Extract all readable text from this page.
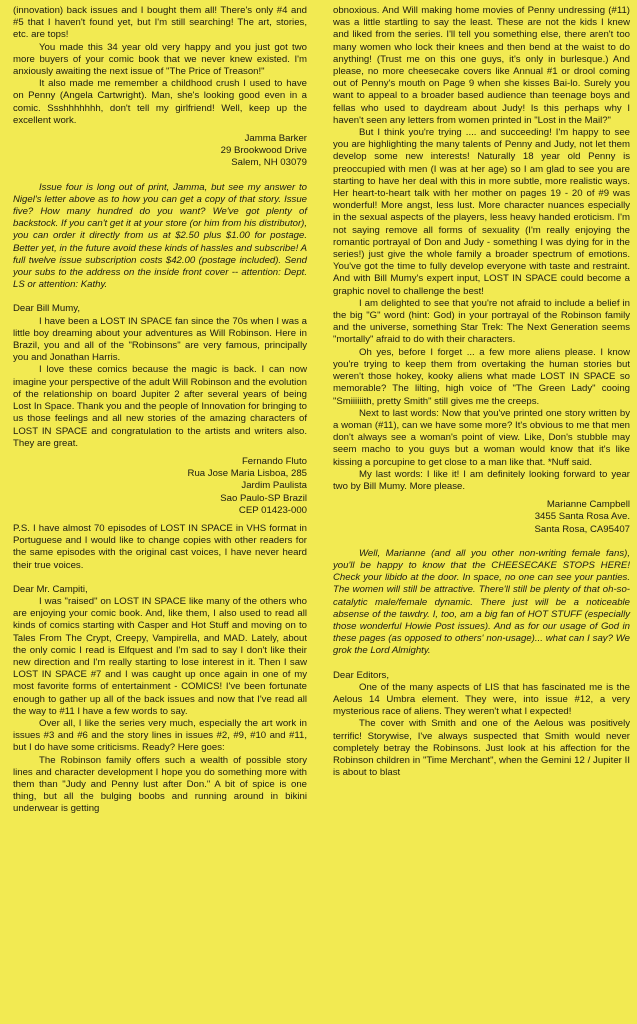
(innovation) back issues and I bought them all! There's only #4 and #5 that I haven't found yet, but I'm still searching! The art, stories, etc. are tops!

You made this 34 year old very happy and you just got two more buyers of your comic book that we never knew existed. I'm anxiously awaiting the next issue of "The Price of Treason!"

It also made me remember a childhood crush I used to have on Penny (Angela Cartwright). Man, she's looking good even in a comic. Ssshhhhhhh, don't tell my girlfriend! Well, keep up the excellent work.

Jamma Barker

29 Brookwood Drive

Salem, NH 03079

Issue four is long out of print, Jamma, but see my answer to Nigel's letter above as to how you can get a copy of that story. Issue five? How many hundred do you want? We've got plenty of backstock. If you can't get it at your store (or him from his distributor), you can order it directly from us at $2.50 plus $1.00 for postage. Better yet, in the future avoid these kinds of hassles and subscribe! A full twelve issue subscription costs $42.00 (postage included). Send your subs to the address on the inside front cover -- attention: Dept. LS or attention: Kathy.

Dear Bill Mumy,

I have been a LOST IN SPACE fan since the 70s when I was a little boy dreaming about your adventures as Will Robinson. Here in Brazil, you and all of the "Robinsons" are very famous, principally you and Jonathan Harris.

I love these comics because the magic is back. I can now imagine your perspective of the adult Will Robinson and the evolution of the relationship on board Jupiter 2 after several years of being Lost In Space. Thank you and the people of Innovation for bringing to us those feelings and all new stories of the amazing characters of LOST IN SPACE and congratulation to the artists and writers also. They are great.

Fernando Fluto

Rua Jose Maria Lisboa, 285

Jardim Paulista

Sao Paulo-SP Brazil

CEP 01423-000

P.S. I have almost 70 episodes of LOST IN SPACE in VHS format in Portuguese and I would like to change copies with other readers for the same episodes with the original cast voices, I have never heard their true voices.

Dear Mr. Campiti,

I was "raised" on LOST IN SPACE like many of the others who are enjoying your comic book. And, like them, I also used to read all kinds of comics starting with Casper and Hot Stuff and moving on to Tales From The Crypt, Creepy, Vampirella, and MAD. Lately, about the only comic I read is Elfquest and I'm sad to say I don't like their new direction and I'm really starting to lose interest in it. Then I saw LOST IN SPACE #7 and I was caught up once again in one of my most favorite forms of entertainment - COMICS! I've been fortunate enough to gather up all of the back issues and now that I've read all the way to #11 I have a few words to say.

Over all, I like the series very much, especially the art work in issues #3 and #6 and the story lines in issues #2, #9, #10 and #11, but I do have some criticisms. Ready? Here goes:

The Robinson family offers such a wealth of possible story lines and character development I hope you do something more with them than "Judy and Penny lust after Don." A bit of spice is one thing, but all the bulging boobs and running around in bikini underwear is getting

obnoxious. And Will making home movies of Penny undressing (#11) was a little startling to say the least. These are not the kids I knew and liked from the series. I'll tell you something else, there aren't too many women who lock their knees and then bend at the waist to do anything! (Trust me on this one guys, it's only in burlesque.) And please, no more cheesecake covers like Annual #1 or drool coming out of Penny's mouth on Page 9 when she kisses Bai-lo. Surely you want to appeal to a broader based audience than teenage boys and fellas who used to daydream about Judy! Is this perhaps why I haven't seen any letters from women printed in "Lost in the Mail?"

But I think you're trying .... and succeeding! I'm happy to see you are highlighting the many talents of Penny and Judy, not let them develop some new interests! Naturally 18 year old Penny is preoccupied with men (I was at her age) so I am glad to see you are starting to have her deal with this in more subtle, more realistic ways. Her heart-to-heart talk with her mother on pages 19 - 20 of #9 was wonderful! More angst, less lust. More character nuances especially in the sexual aspects of the players, less heavy handed eroticism. I'm not saying remove all forms of sexuality (I'm really enjoying the romantic portrayal of Don and Judy - something I was dying for in the series!) just give the whole family a broader spectrum of emotions. You've got the time to fully develop everyone with taste and restraint. And with Bill Mumy's expert input, LOST IN SPACE could become a graphic novel to challenge the best!

I am delighted to see that you're not afraid to include a belief in the big "G" word (hint: God) in your portrayal of the Robinson family and the universe, something Star Trek: The Next Generation seems "mortally" afraid to do with their characters.

Oh yes, before I forget ... a few more aliens please. I know you're trying to keep them from overtaking the human stories but weren't those hokey, kooky aliens what made LOST IN SPACE so memorable? The lilting, high voice of "The Green Lady" cooing "Smiiiiiith, pretty Smith" still gives me the creeps.

Next to last words: Now that you've printed one story written by a woman (#11), can we have some more? It's obvious to me that men don't always see a woman's point of view. Like, Don's stubble may seem macho to you guys but a woman would know that it's like kissing a porcupine to get close to a man like that. *Nuff said.

My last words: I like it! I am definitely looking forward to year two by Bill Mumy. More please.

Marianne Campbell

3455 Santa Rosa Ave.

Santa Rosa, CA95407

Well, Marianne (and all you other non-writing female fans), you'll be happy to know that the CHEESECAKE STOPS HERE! Check your libido at the door. In space, no one can see your panties. The women will still be attractive. There'll still be plenty of that oh-so-catalytic male/female dynamic. There just will be a noticeable absense of the tawdry. I, too, am a big fan of HOT STUFF (especially those wonderful Howie Post issues). And as for our usage of God in these pages (as opposed to others' non-usage)... what can I say? We grok the Lord Almighty.

Dear Editors,

One of the many aspects of LIS that has fascinated me is the Aelous 14 Umbra element. They were, into issue #12, a very mysterious race of aliens. They weren't what I expected!

The cover with Smith and one of the Aelous was positively terrific! Storywise, I've always suspected that Smith would never completely betray the Robinsons. Just look at his affection for the Robinson children in "Time Merchant", when the Gemini 12 / Jupiter II is about to blast
